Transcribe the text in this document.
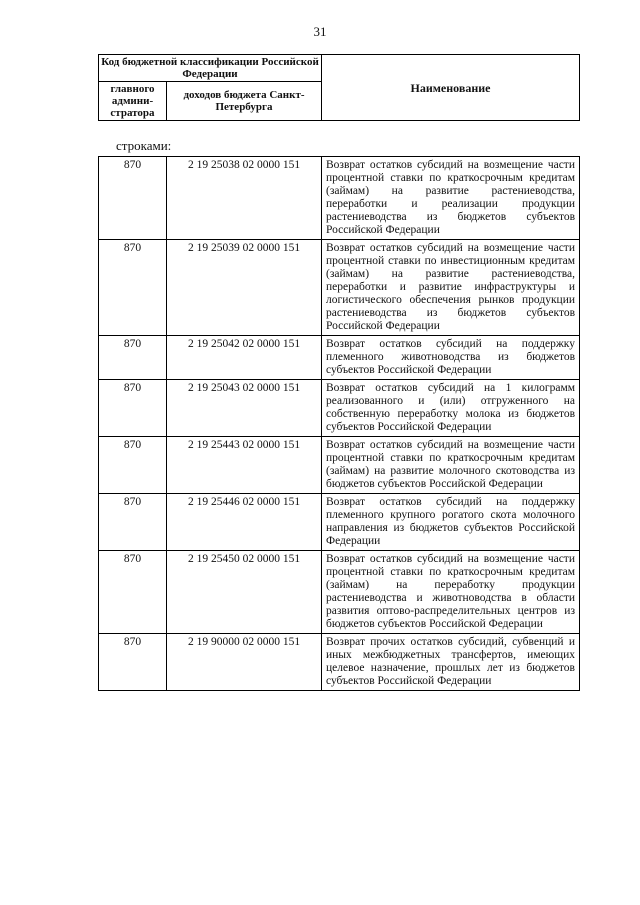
31
Код бюджетной классификации Российской Федерации		Наименование
главного админи-стратора	доходов бюджета Санкт-Петербурга	
строками:
870	2 19 25038 02 0000 151	Возврат остатков субсидий на возмещение части процентной ставки по краткосрочным кредитам (займам) на развитие растениеводства, переработки и реализации продукции растениеводства из бюджетов субъектов Российской Федерации
870	2 19 25039 02 0000 151	Возврат остатков субсидий на возмещение части процентной ставки по инвестиционным кредитам (займам) на развитие растениеводства, переработки и развитие инфраструктуры и логистического обеспечения рынков продукции растениеводства из бюджетов субъектов Российской Федерации
870	2 19 25042 02 0000 151	Возврат остатков субсидий на поддержку племенного животноводства из бюджетов субъектов Российской Федерации
870	2 19 25043 02 0000 151	Возврат остатков субсидий на 1 килограмм реализованного и (или) отгруженного на собственную переработку молока из бюджетов субъектов Российской Федерации
870	2 19 25443 02 0000 151	Возврат остатков субсидий на возмещение части процентной ставки по краткосрочным кредитам (займам) на развитие молочного скотоводства из бюджетов субъектов Российской Федерации
870	2 19 25446 02 0000 151	Возврат остатков субсидий на поддержку племенного крупного рогатого скота молочного направления из бюджетов субъектов Российской Федерации
870	2 19 25450 02 0000 151	Возврат остатков субсидий на возмещение части процентной ставки по краткосрочным кредитам (займам) на переработку продукции растениеводства и животноводства в области развития оптово-распределительных центров из бюджетов субъектов Российской Федерации
870	2 19 90000 02 0000 151	Возврат прочих остатков субсидий, субвенций и иных межбюджетных трансфертов, имеющих целевое назначение, прошлых лет из бюджетов субъектов Российской Федерации
